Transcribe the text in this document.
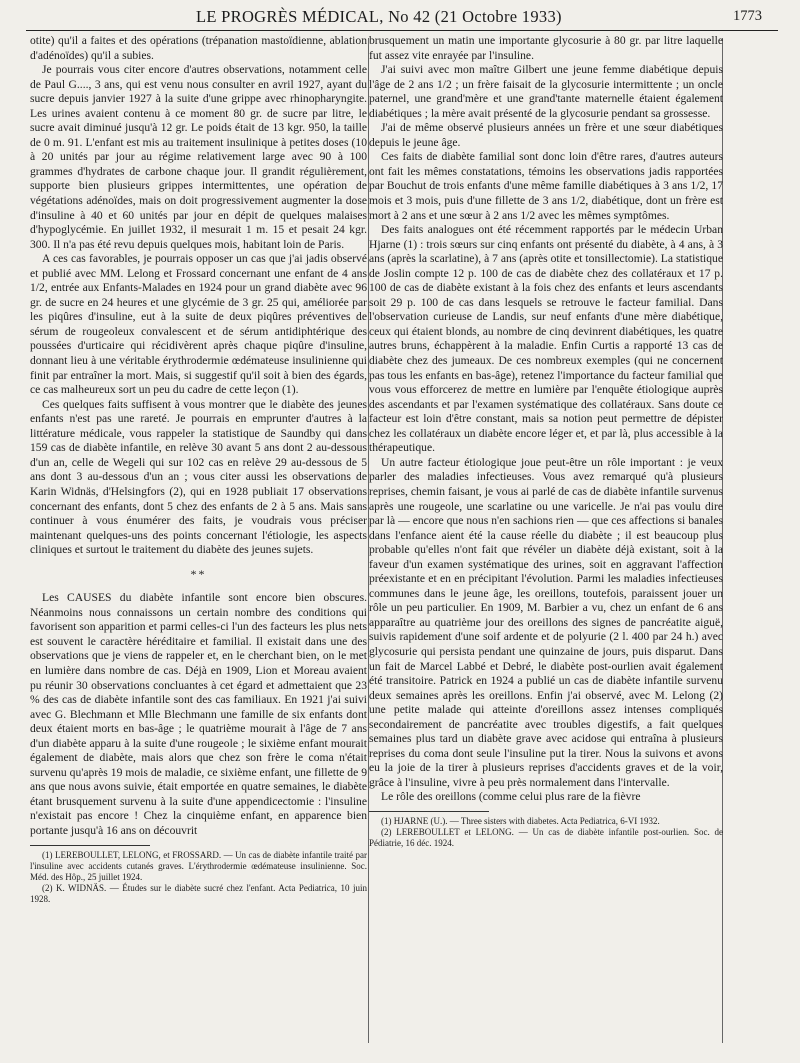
LE PROGRÈS MÉDICAL, No 42 (21 Octobre 1933)	1773

otite) qu'il a faites et des opérations (trépanation mastoïdienne, ablation d'adénoïdes) qu'il a subies.

Je pourrais vous citer encore d'autres observations, notamment celle de Paul G...., 3 ans, qui est venu nous consulter en avril 1927, ayant du sucre depuis janvier 1927 à la suite d'une grippe avec rhinopharyngite. Les urines avaient contenu à ce moment 80 gr. de sucre par litre, le sucre avait diminué jusqu'à 12 gr. Le poids était de 13 kgr. 950, la taille de 0 m. 91. L'enfant est mis au traitement insulinique à petites doses (10 à 20 unités par jour au régime relativement large avec 90 à 100 grammes d'hydrates de carbone chaque jour. Il grandit régulièrement, supporte bien plusieurs grippes intermittentes, une opération de végétations adénoïdes, mais on doit progressivement augmenter la dose d'insuline à 40 et 60 unités par jour en dépit de quelques malaises d'hypoglycémie. En juillet 1932, il mesurait 1 m. 15 et pesait 24 kgr. 300. Il n'a pas été revu depuis quelques mois, habitant loin de Paris.

A ces cas favorables, je pourrais opposer un cas que j'ai jadis observé et publié avec MM. Lelong et Frossard concernant une enfant de 4 ans 1/2, entrée aux Enfants-Malades en 1924 pour un grand diabète avec 96 gr. de sucre en 24 heures et une glycémie de 3 gr. 25 qui, améliorée par les piqûres d'insuline, eut à la suite de deux piqûres préventives de sérum de rougeoleux convalescent et de sérum antidiphtérique des poussées d'urticaire qui récidivèrent après chaque piqûre d'insuline, donnant lieu à une véritable érythrodermie œdémateuse insulinienne qui finit par entraîner la mort. Mais, si suggestif qu'il soit à bien des égards, ce cas malheureux sort un peu du cadre de cette leçon (1).

Ces quelques faits suffisent à vous montrer que le diabète des jeunes enfants n'est pas une rareté. Je pourrais en emprunter d'autres à la littérature médicale, vous rappeler la statistique de Saundby qui dans 159 cas de diabète infantile, en relève 30 avant 5 ans dont 2 au-dessous d'un an, celle de Wegeli qui sur 102 cas en relève 29 au-dessous de 5 ans dont 3 au-dessous d'un an ; vous citer aussi les observations de Karin Widnäs, d'Helsingfors (2), qui en 1928 publiait 17 observations concernant des enfants, dont 5 chez des enfants de 2 à 5 ans. Mais sans continuer à vous énumérer des faits, je voudrais vous préciser maintenant quelques-uns des points concernant l'étiologie, les aspects cliniques et surtout le traitement du diabète des jeunes sujets.

**

Les CAUSES du diabète infantile sont encore bien obscures. Néanmoins nous connaissons un certain nombre des conditions qui favorisent son apparition et parmi celles-ci l'un des facteurs les plus nets est souvent le caractère héréditaire et familial. Il existait dans une des observations que je viens de rappeler et, en le cherchant bien, on le met en lumière dans nombre de cas. Déjà en 1909, Lion et Moreau avaient pu réunir 30 observations concluantes à cet égard et admettaient que 23 % des cas de diabète infantile sont des cas familiaux. En 1921 j'ai suivi avec G. Blechmann et Mlle Blechmann une famille de six enfants dont deux étaient morts en bas-âge ; le quatrième mourait à l'âge de 7 ans d'un diabète apparu à la suite d'une rougeole ; le sixième enfant mourait également de diabète, mais alors que chez son frère le coma n'était survenu qu'après 19 mois de maladie, ce sixième enfant, une fillette de 9 ans que nous avons suivie, était emportée en quatre semaines, le diabète étant brusquement survenu à la suite d'une appendicectomie : l'insuline n'existait pas encore ! Chez la cinquième enfant, en apparence bien portante jusqu'à 16 ans on découvrit

(1) LEREBOULLET, LELONG, et FROSSARD. — Un cas de diabète infantile traité par l'insuline avec accidents cutanés graves. L'érythrodermie œdémateuse insulinienne. Soc. Méd. des Hôp., 25 juillet 1924.

(2) K. WIDNÄS. — Études sur le diabète sucré chez l'enfant. Acta Pediatrica, 10 juin 1928.

brusquement un matin une importante glycosurie à 80 gr. par litre laquelle fut assez vite enrayée par l'insuline.

J'ai suivi avec mon maître Gilbert une jeune femme diabétique depuis l'âge de 2 ans 1/2 ; un frère faisait de la glycosurie intermittente ; un oncle paternel, une grand'mère et une grand'tante maternelle étaient également diabétiques ; la mère avait présenté de la glycosurie pendant sa grossesse.

J'ai de même observé plusieurs années un frère et une sœur diabétiques depuis le jeune âge.

Ces faits de diabète familial sont donc loin d'être rares, d'autres auteurs ont fait les mêmes constatations, témoins les observations jadis rapportées par Bouchut de trois enfants d'une même famille diabétiques à 3 ans 1/2, 17 mois et 3 mois, puis d'une fillette de 3 ans 1/2, diabétique, dont un frère est mort à 2 ans et une sœur à 2 ans 1/2 avec les mêmes symptômes.

Des faits analogues ont été récemment rapportés par le médecin Urban Hjarne (1) : trois sœurs sur cinq enfants ont présenté du diabète, à 4 ans, à 3 ans (après la scarlatine), à 7 ans (après otite et tonsillectomie). La statistique de Joslin compte 12 p. 100 de cas de diabète chez des collatéraux et 17 p. 100 de cas de diabète existant à la fois chez des enfants et leurs ascendants soit 29 p. 100 de cas dans lesquels se retrouve le facteur familial. Dans l'observation curieuse de Landis, sur neuf enfants d'une mère diabétique, ceux qui étaient blonds, au nombre de cinq devinrent diabétiques, les quatre autres bruns, échappèrent à la maladie. Enfin Curtis a rapporté 13 cas de diabète chez des jumeaux. De ces nombreux exemples (qui ne concernent pas tous les enfants en bas-âge), retenez l'importance du facteur familial que vous vous efforcerez de mettre en lumière par l'enquête étiologique auprès des ascendants et par l'examen systématique des collatéraux. Sans doute ce facteur est loin d'être constant, mais sa notion peut permettre de dépister chez les collatéraux un diabète encore léger et, et par là, plus accessible à la thérapeutique.

Un autre facteur étiologique joue peut-être un rôle important : je veux parler des maladies infectieuses. Vous avez remarqué qu'à plusieurs reprises, chemin faisant, je vous ai parlé de cas de diabète infantile survenus après une rougeole, une scarlatine ou une varicelle. Je n'ai pas voulu dire par là — encore que nous n'en sachions rien — que ces affections si banales dans l'enfance aient été la cause réelle du diabète ; il est beaucoup plus probable qu'elles n'ont fait que révéler un diabète déjà existant, soit à la faveur d'un examen systématique des urines, soit en aggravant l'affection préexistante et en en précipitant l'évolution. Parmi les maladies infectieuses communes dans le jeune âge, les oreillons, toutefois, paraissent jouer un rôle un peu particulier. En 1909, M. Barbier a vu, chez un enfant de 6 ans apparaître au quatrième jour des oreillons des signes de pancréatite aiguë, suivis rapidement d'une soif ardente et de polyurie (2 l. 400 par 24 h.) avec glycosurie qui persista pendant une quinzaine de jours, puis disparut. Dans un fait de Marcel Labbé et Debré, le diabète post-ourlien avait également été transitoire. Patrick en 1924 a publié un cas de diabète infantile survenu deux semaines après les oreillons. Enfin j'ai observé, avec M. Lelong (2) une petite malade qui atteinte d'oreillons assez intenses compliqués secondairement de pancréatite avec troubles digestifs, a fait quelques semaines plus tard un diabète grave avec acidose qui entraîna à plusieurs reprises du coma dont seule l'insuline put la tirer. Nous la suivons et avons eu la joie de la tirer à plusieurs reprises d'accidents graves et de la voir, grâce à l'insuline, vivre à peu près normalement dans l'intervalle.

Le rôle des oreillons (comme celui plus rare de la fièvre

(1) HJARNE (U.). — Three sisters with diabetes. Acta Pediatrica, 6-VI 1932.

(2) LEREBOULLET et LELONG. — Un cas de diabète infantile post-ourlien. Soc. de Pédiatrie, 16 déc. 1924.
